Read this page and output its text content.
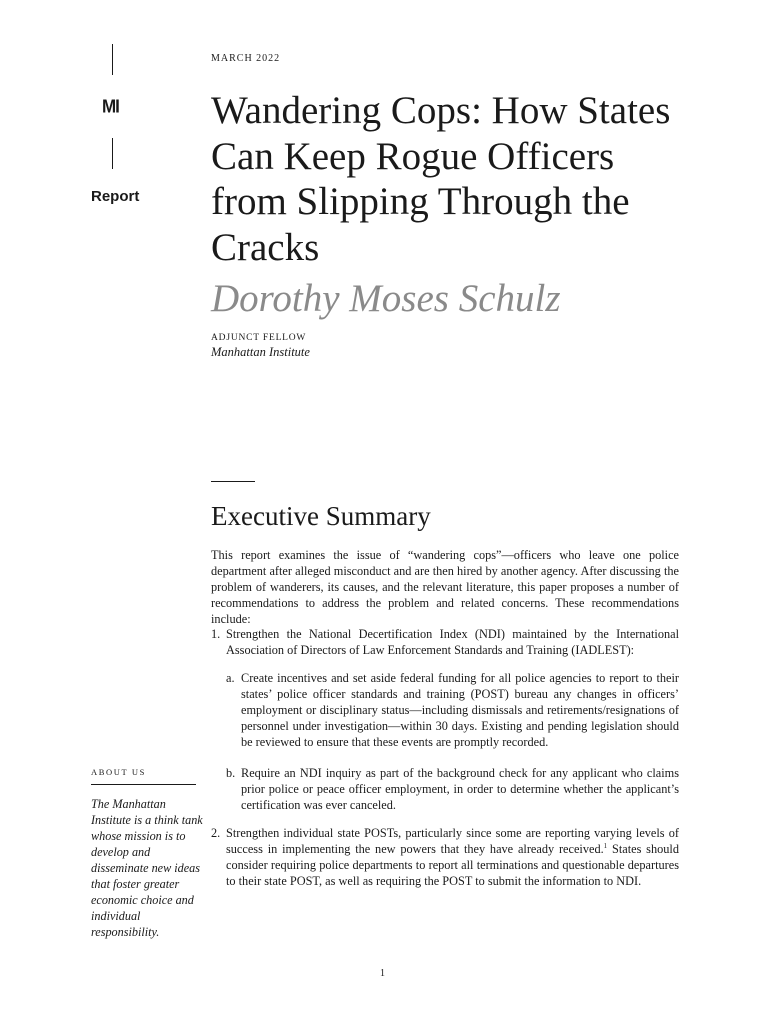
MI
Report
MARCH 2022
Wandering Cops: How States Can Keep Rogue Officers from Slipping Through the Cracks
Dorothy Moses Schulz
ADJUNCT FELLOW
Manhattan Institute
Executive Summary

This report examines the issue of “wandering cops”—officers who leave one police department after alleged misconduct and are then hired by another agency. After discussing the problem of wanderers, its causes, and the relevant literature, this paper proposes a number of recommendations to address the problem and related concerns. These recommendations include:

1. Strengthen the National Decertification Index (NDI) maintained by the International Association of Directors of Law Enforcement Standards and Training (IADLEST):
a. Create incentives and set aside federal funding for all police agencies to report to their states’ police officer standards and training (POST) bureau any changes in officers’ employment or disciplinary status—including dismissals and retirements/resignations of personnel under investigation—within 30 days. Existing and pending legislation should be reviewed to ensure that these events are promptly recorded.
b. Require an NDI inquiry as part of the background check for any applicant who claims prior police or peace officer employment, in order to determine whether the applicant’s certification was ever canceled.
2. Strengthen individual state POSTs, particularly since some are reporting varying levels of success in implementing the new powers that they have already received.$^1$ States should consider requiring police departments to report all terminations and questionable departures to their state POST, as well as requiring the POST to submit the information to NDI.
ABOUT US
The Manhattan Institute is a think tank whose mission is to develop and disseminate new ideas that foster greater economic choice and individual responsibility.
1
